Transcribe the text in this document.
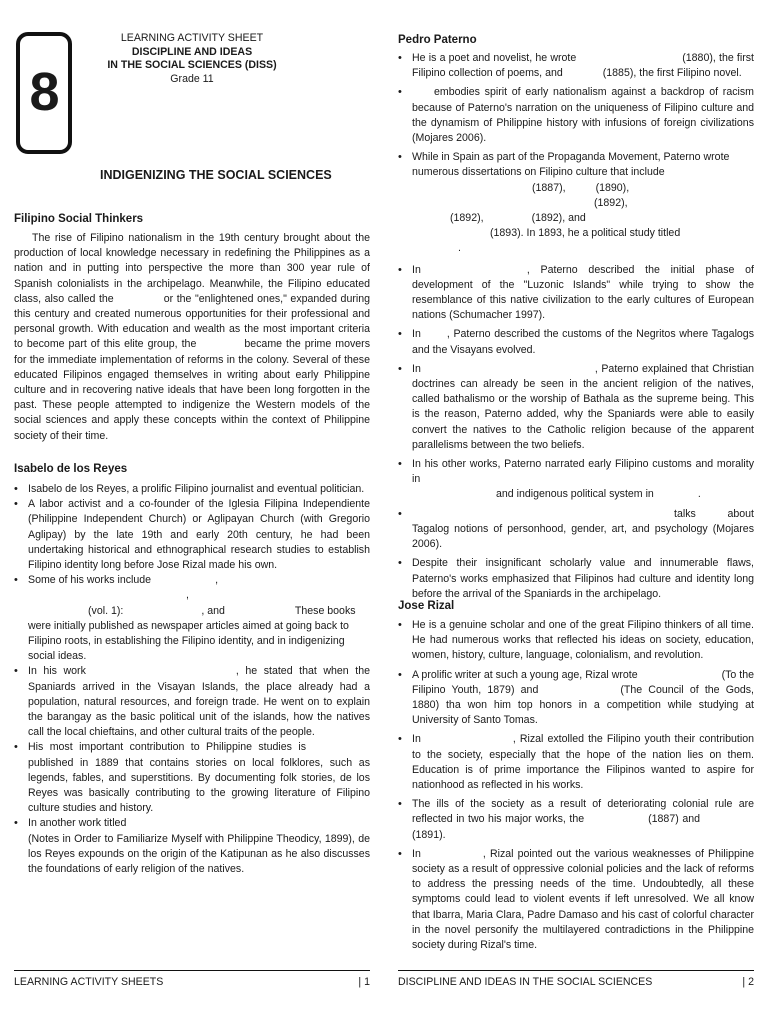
8
LEARNING ACTIVITY SHEET
DISCIPLINE AND IDEAS
IN THE SOCIAL SCIENCES (DISS)
Grade 11
INDIGENIZING THE SOCIAL SCIENCES
Filipino Social Thinkers
The rise of Filipino nationalism in the 19th century brought about the production of local knowledge necessary in redefining the Philippines as a nation and in putting into perspective the more than 300 year rule of Spanish colonialists in the archipelago. Meanwhile, the Filipino educated class, also called the	or the "enlightened ones," expanded during this century and created numerous opportunities for their professional and personal growth. With education and wealth as the most important criteria to become part of this elite group, the	became the prime movers for the immediate implementation of reforms in the colony. Several of these educated Filipinos engaged themselves in writing about early Philippine culture and in recovering native ideals that have been long forgotten in the past. These people attempted to indigenize the Western models of the social sciences and apply these concepts within the context of Philippine society of their time.
Isabelo de los Reyes
• Isabelo de los Reyes, a prolific Filipino journalist and eventual politician.
• A labor activist and a co-founder of the Iglesia Filipina Independiente (Philippine Independent Church) or Aglipayan Church (with Gregorio Aglipay) by the late 19th and early 20th century, he had been undertaking historical and ethnographical research studies to establish Filipino identity long before Jose Rizal made his own.
• Some of his works include	,,
(vol. 1):	, and	These books were initially published as newspaper articles aimed at going back to Filipino roots, in establishing the Filipino identity, and in indigenizing social ideas.
• In his work	, he stated that when the Spaniards arrived in the Visayan Islands, the place already had a population, natural resources, and foreign trade. He went on to explain the barangay as the basic political unit of the islands, how the natives call the local chieftains, and other cultural traits of the people.
• His most important contribution to Philippine studies ispublished in 1889 that contains stories on local folklores, such as legends, fables, and superstitions. By documenting folk stories, de los Reyes was basically contributing to the growing literature of Filipino culture studies and history.
• In another work titled
(Notes in Order to Familiarize Myself with Philippine Theodicy, 1899), de los Reyes expounds on the origin of the Katipunan as he also discusses the foundations of early religion of the natives.
LEARNING ACTIVITY SHEETS	| 1
Pedro Paterno
• He is a poet and novelist, he wrote	(1880), the first Filipino collection of poems, and	(1885), the first Filipino novel.
• embodies spirit of early nationalism against a backdrop of racism because of Paterno's narration on the uniqueness of Filipino culture and the dynamism of Philippine history with infusions of foreign civilizations (Mojares 2006).
• While in Spain as part of the Propaganda Movement, Paterno wrote numerous dissertations on Filipino culture that include(1887),	(1890),
(1892),
(1892),	(1892), and
(1893). In 1893, he a political study titled
.
• In	, Paterno described the initial phase of development of the "Luzonic Islands" while trying to show the resemblance of this native civilization to the early cultures of European nations (Schumacher 1997).
• In , Paterno described the customs of the Negritos where Tagalogs and the Visayans evolved.
• In	, Paterno explained that Christian doctrines can already be seen in the ancient religion of the natives, called bathalismo or the worship of Bathala as the supreme being. This is the reason, Paterno added, why the Spaniards were able to easily convert the natives to the Catholic religion because of the apparent parallelisms between the two beliefs.
• In his other works, Paterno narrated early Filipino customs and morality in
and indigenous political system in	.
• talks about Tagalog notions of personhood, gender, art, and psychology (Mojares 2006).
• Despite their insignificant scholarly value and innumerable flaws, Paterno's works emphasized that Filipinos had culture and identity long before the arrival of the Spaniards in the archipelago.
Jose Rizal
• He is a genuine scholar and one of the great Filipino thinkers of all time. He had numerous works that reflected his ideas on society, education, women, history, culture, language, colonialism, and revolution.
• A prolific writer at such a young age, Rizal wrote	(To the Filipino Youth, 1879) and	(The Council of the Gods, 1880) tha won him top honors in a competition while studying at University of Santo Tomas.
• In	, Rizal extolled the Filipino youth their contribution to the society, especially that the hope of the nation lies on them. Education is of prime importance the Filipinos wanted to aspire for nationhood as reflected in his works.
• The ills of the society as a result of deteriorating colonial rule are reflected in two his major works, the	(1887) and(1891).
• In	, Rizal pointed out the various weaknesses of Philippine society as a result of oppressive colonial policies and the lack of reforms to address the pressing needs of the time. Undoubtedly, all these symptoms could lead to violent events if left unresolved. We all know that Ibarra, Maria Clara, Padre Damaso and his cast of colorful character in the novel personify the multilayered contradictions in the Philippine society during Rizal's time.
DISCIPLINE AND IDEAS IN THE SOCIAL SCIENCES	| 2
